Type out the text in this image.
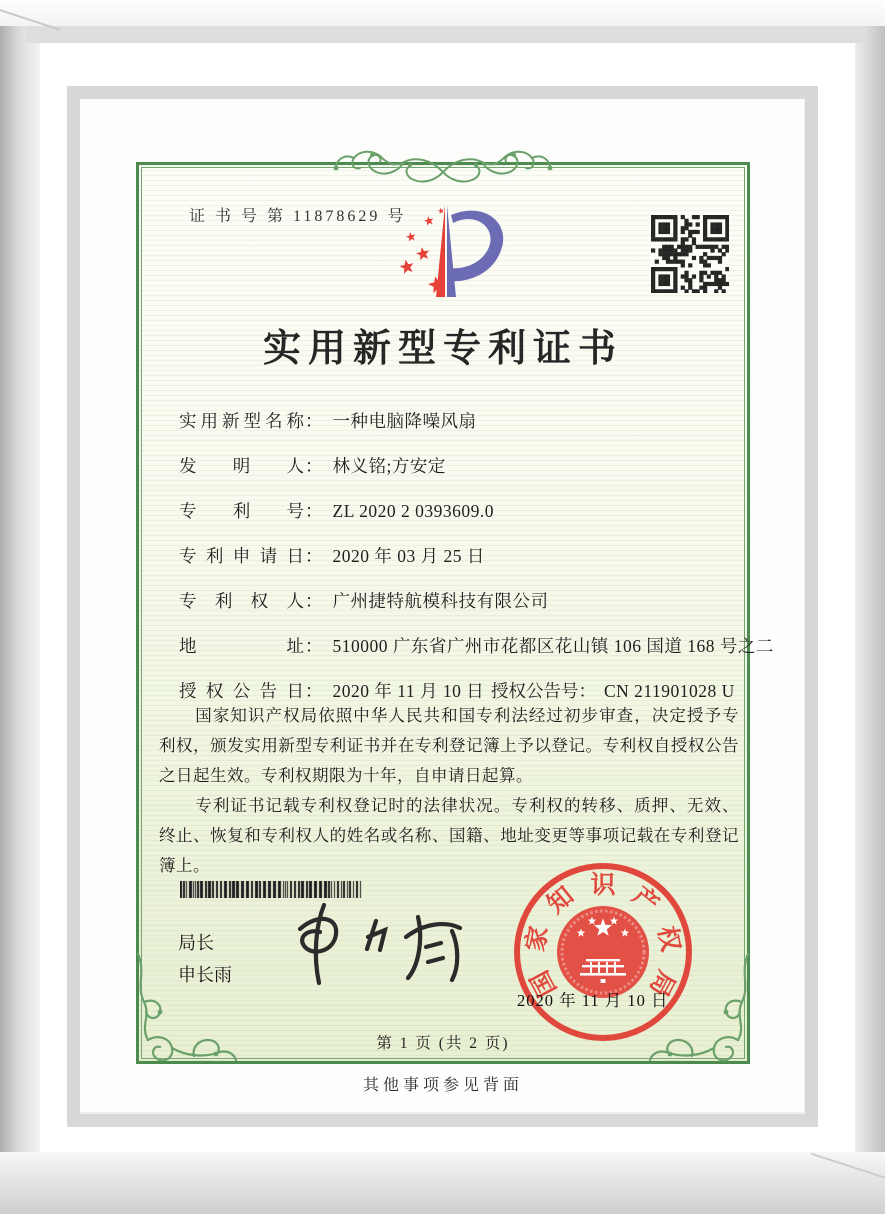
证 书 号 第 11878629 号
实用新型专利证书
实用新型名称： 一种电脑降噪风扇
发明人： 林义铭;方安定
专利号： ZL 2020 2 0393609.0
专利申请日： 2020 年 03 月 25 日
专利权人： 广州捷特航模科技有限公司
地址： 510000 广东省广州市花都区花山镇 106 国道 168 号之二
授权公告日： 2020 年 11 月 10 日 授权公告号： CN 211901028 U

国家知识产权局依照中华人民共和国专利法经过初步审查，决定授予专利权，颁发实用新型专利证书并在专利登记簿上予以登记。专利权自授权公告之日起生效。专利权期限为十年，自申请日起算。

专利证书记载专利权登记时的法律状况。专利权的转移、质押、无效、终止、恢复和专利权人的姓名或名称、国籍、地址变更等事项记载在专利登记簿上。

局长
申长雨	国
家
知 识 产
权
局
2020 年 11 月 10 日
第 1 页 (共 2 页)
其他事项参见背面
